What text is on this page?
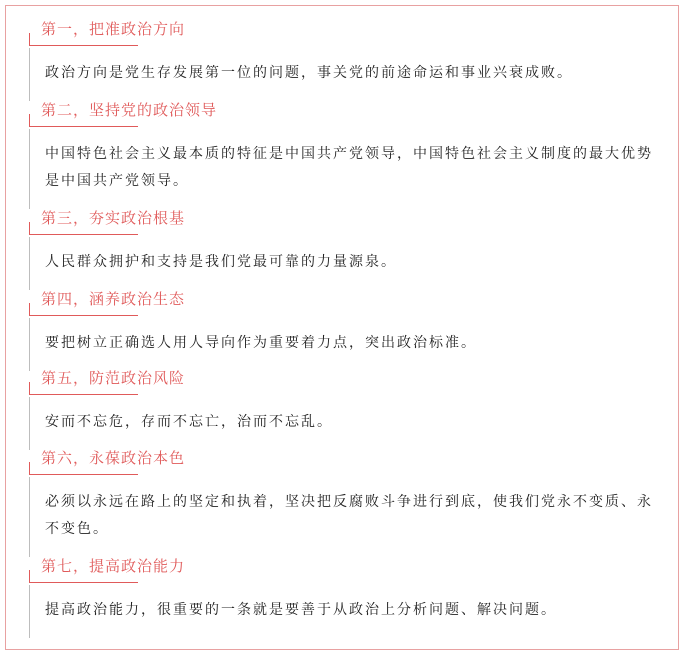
第一，把准政治方向
政治方向是党生存发展第一位的问题，事关党的前途命运和事业兴衰成败。
第二，坚持党的政治领导
中国特色社会主义最本质的特征是中国共产党领导，中国特色社会主义制度的最大优势是中国共产党领导。
第三，夯实政治根基
人民群众拥护和支持是我们党最可靠的力量源泉。
第四，涵养政治生态
要把树立正确选人用人导向作为重要着力点，突出政治标准。
第五，防范政治风险
安而不忘危，存而不忘亡，治而不忘乱。
第六，永葆政治本色
必须以永远在路上的坚定和执着，坚决把反腐败斗争进行到底，使我们党永不变质、永不变色。
第七，提高政治能力
提高政治能力，很重要的一条就是要善于从政治上分析问题、解决问题。
